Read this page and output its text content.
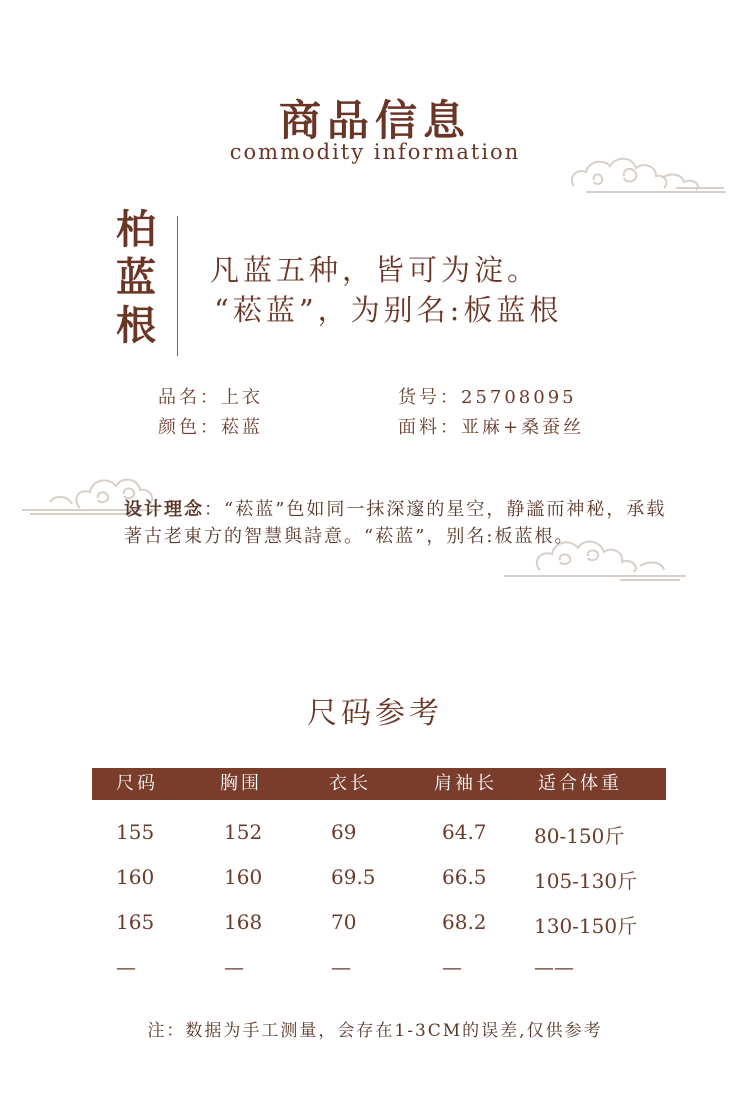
商品信息
commodity information
柏
蓝
根
凡蓝五种，皆可为淀。
“菘蓝”，为别名:板蓝根
品名：上衣	货号：25708095
颜色：菘蓝	面料：亚麻+桑蚕丝
设计理念：“菘蓝”色如同一抹深邃的星空，静謐而神秘，承载著古老東方的智慧與詩意。“菘蓝”，别名:板蓝根。
尺码参考
尺码	胸围	衣长	肩袖长 适合体重
155	152	69	64.7 80-150斤
160	160	69.5	66.5 105-130斤
165	168	70	68.2 130-150斤
—	—	—	—	——
注：数据为手工测量，会存在1-3CM的误差,仅供参考
